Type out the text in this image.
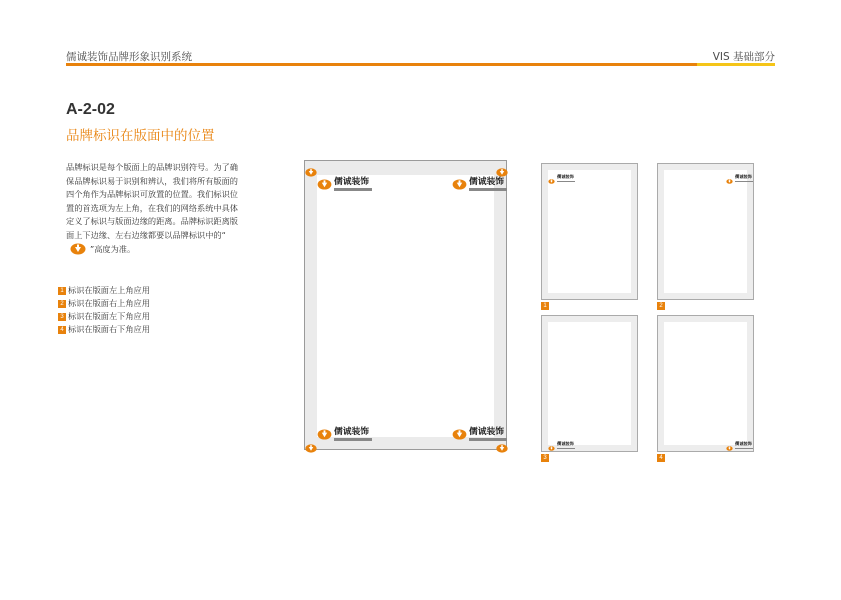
儒诚装饰品牌形象识别系统	VIS 基础部分
A-2-02
品牌标识在版面中的位置
品牌标识是每个版面上的品牌识别符号。为了确保品牌标识易于识别和辨认，我们将所有版面的四个角作为品牌标识可放置的位置。我们标识位置的首选项为左上角，在我们的网络系统中具体定义了标识与版面边缘的距离。品牌标识距离版面上下边缘、左右边缘都要以品牌标识中的“”高度为准。
1 标识在版面左上角应用
2 标识在版面右上角应用
3 标识在版面左下角应用
4 标识在版面右下角应用
儒诚装饰	儒诚装饰
儒诚装饰	儒诚装饰
儒诚装饰	儒诚装饰
儒诚装饰	儒诚装饰
1	2
3	4
